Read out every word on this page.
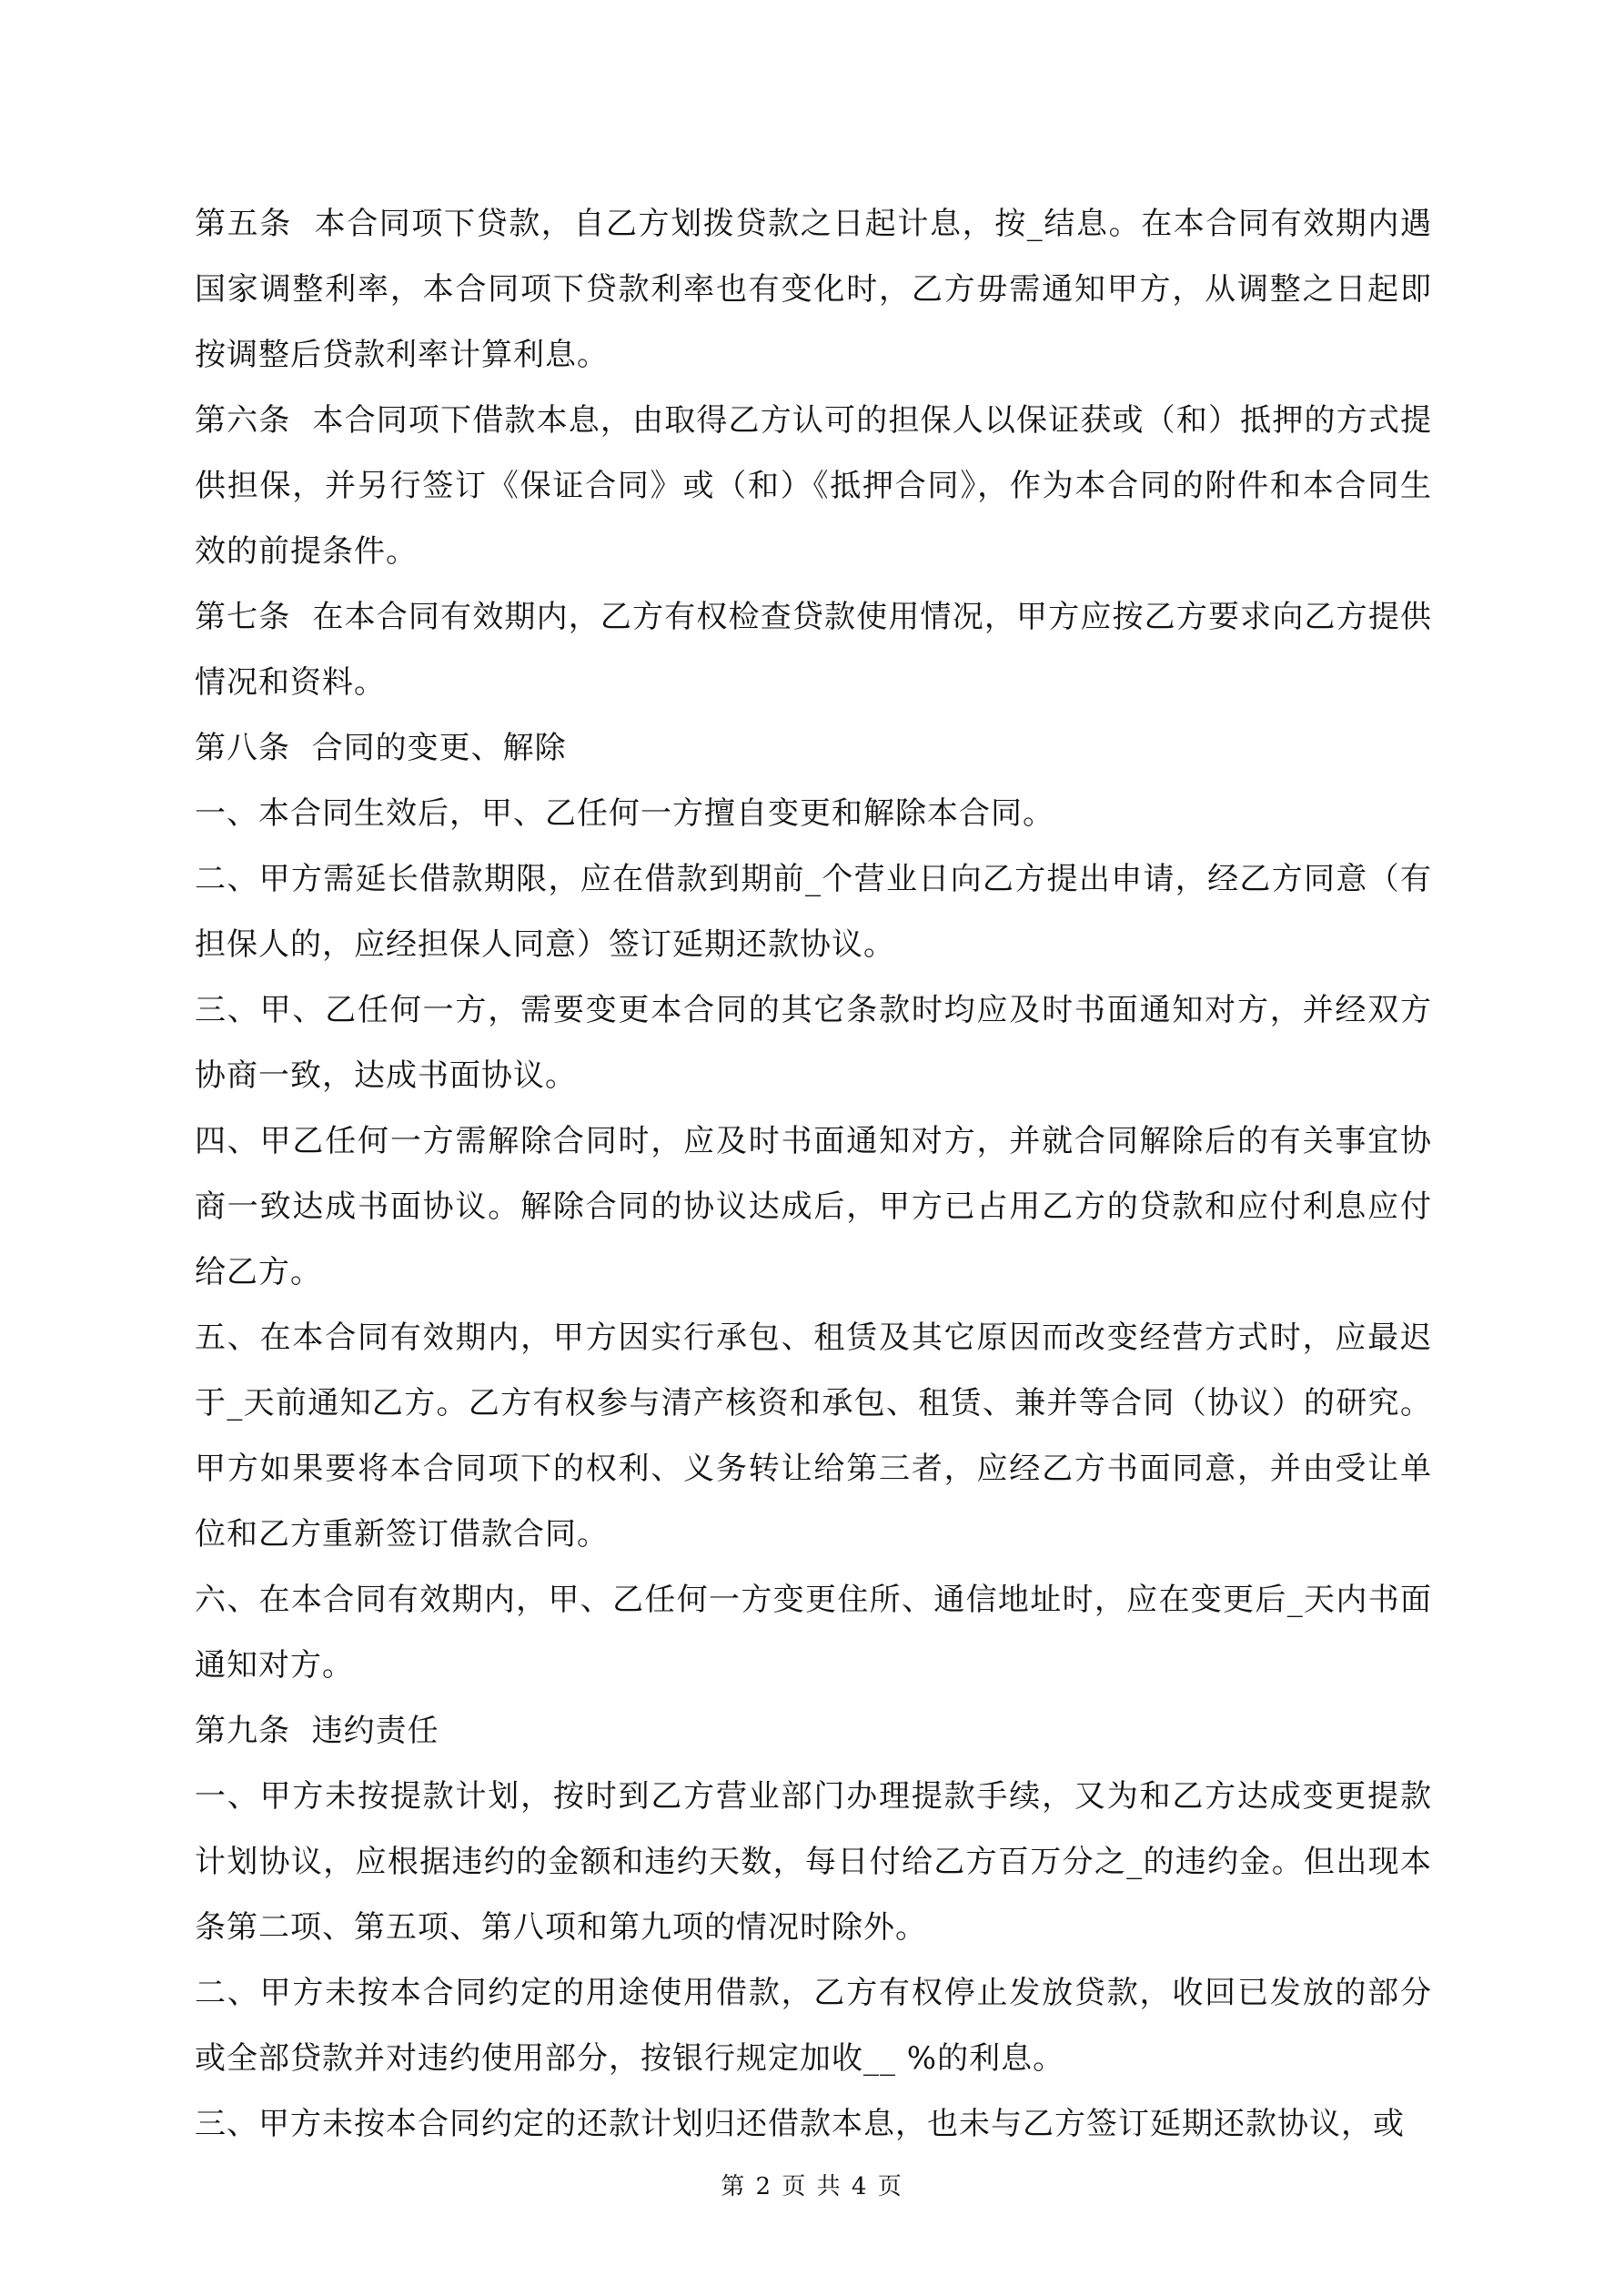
第五条  本合同项下贷款，自乙方划拨贷款之日起计息，按_结息。在本合同有效期内遇国家调整利率，本合同项下贷款利率也有变化时，乙方毋需通知甲方，从调整之日起即按调整后贷款利率计算利息。

第六条  本合同项下借款本息，由取得乙方认可的担保人以保证获或（和）抵押的方式提供担保，并另行签订《保证合同》或（和）《抵押合同》，作为本合同的附件和本合同生效的前提条件。

第七条  在本合同有效期内，乙方有权检查贷款使用情况，甲方应按乙方要求向乙方提供情况和资料。

第八条  合同的变更、解除

一、本合同生效后，甲、乙任何一方擅自变更和解除本合同。

二、甲方需延长借款期限，应在借款到期前_个营业日向乙方提出申请，经乙方同意（有担保人的，应经担保人同意）签订延期还款协议。

三、甲、乙任何一方，需要变更本合同的其它条款时均应及时书面通知对方，并经双方协商一致，达成书面协议。

四、甲乙任何一方需解除合同时，应及时书面通知对方，并就合同解除后的有关事宜协商一致达成书面协议。解除合同的协议达成后，甲方已占用乙方的贷款和应付利息应付给乙方。

五、在本合同有效期内，甲方因实行承包、租赁及其它原因而改变经营方式时，应最迟于_天前通知乙方。乙方有权参与清产核资和承包、租赁、兼并等合同（协议）的研究。甲方如果要将本合同项下的权利、义务转让给第三者，应经乙方书面同意，并由受让单位和乙方重新签订借款合同。

六、在本合同有效期内，甲、乙任何一方变更住所、通信地址时，应在变更后_天内书面通知对方。

第九条  违约责任

一、甲方未按提款计划，按时到乙方营业部门办理提款手续，又为和乙方达成变更提款计划协议，应根据违约的金额和违约天数，每日付给乙方百万分之_的违约金。但出现本条第二项、第五项、第八项和第九项的情况时除外。

二、甲方未按本合同约定的用途使用借款，乙方有权停止发放贷款，收回已发放的部分或全部贷款并对违约使用部分，按银行规定加收__ %的利息。

三、甲方未按本合同约定的还款计划归还借款本息，也未与乙方签订延期还款协议，或

第 2 页 共 4 页
